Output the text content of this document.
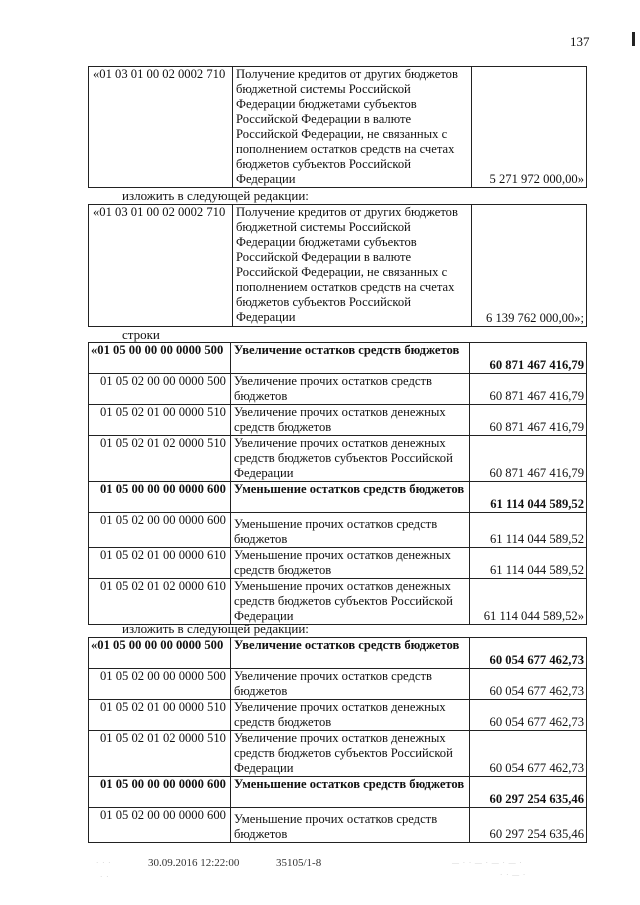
137
«01 03 01 00 02 0002 710	Получение кредитов от других бюджетов бюджетной системы Российской Федерации бюджетами субъектов Российской Федерации в валюте Российской Федерации, не связанных с пополнением остатков средств на счетах бюджетов субъектов Российской Федерации	5 271 972 000,00»
изложить в следующей редакции:
«01 03 01 00 02 0002 710	Получение кредитов от других бюджетов бюджетной системы Российской Федерации бюджетами субъектов Российской Федерации в валюте Российской Федерации, не связанных с пополнением остатков средств на счетах бюджетов субъектов Российской Федерации	6 139 762 000,00»;
строки
«01 05 00 00 00 0000 500	Увеличение остатков средств бюджетов	60 871 467 416,79
01 05 02 00 00 0000 500	Увеличение прочих остатков средств бюджетов	60 871 467 416,79
01 05 02 01 00 0000 510	Увеличение прочих остатков денежных средств бюджетов	60 871 467 416,79
01 05 02 01 02 0000 510	Увеличение прочих остатков денежных средств бюджетов субъектов Российской Федерации	60 871 467 416,79
01 05 00 00 00 0000 600	Уменьшение остатков средств бюджетов	61 114 044 589,52
01 05 02 00 00 0000 600	Уменьшение прочих остатков средств бюджетов	61 114 044 589,52
01 05 02 01 00 0000 610	Уменьшение прочих остатков денежных средств бюджетов	61 114 044 589,52
01 05 02 01 02 0000 610	Уменьшение прочих остатков денежных средств бюджетов субъектов Российской Федерации	61 114 044 589,52»
изложить в следующей редакции:
«01 05 00 00 00 0000 500	Увеличение остатков средств бюджетов	60 054 677 462,73
01 05 02 00 00 0000 500	Увеличение прочих остатков средств бюджетов	60 054 677 462,73
01 05 02 01 00 0000 510	Увеличение прочих остатков денежных средств бюджетов	60 054 677 462,73
01 05 02 01 02 0000 510	Увеличение прочих остатков денежных средств бюджетов субъектов Российской Федерации	60 054 677 462,73
01 05 00 00 00 0000 600	Уменьшение остатков средств бюджетов	60 297 254 635,46
01 05 02 00 00 0000 600	Уменьшение прочих остатков средств бюджетов	60 297 254 635,46
30.09.2016 12:22:00	35105/1-8
· · ·
· ·
— · · — · — · — ·
· · — ·
